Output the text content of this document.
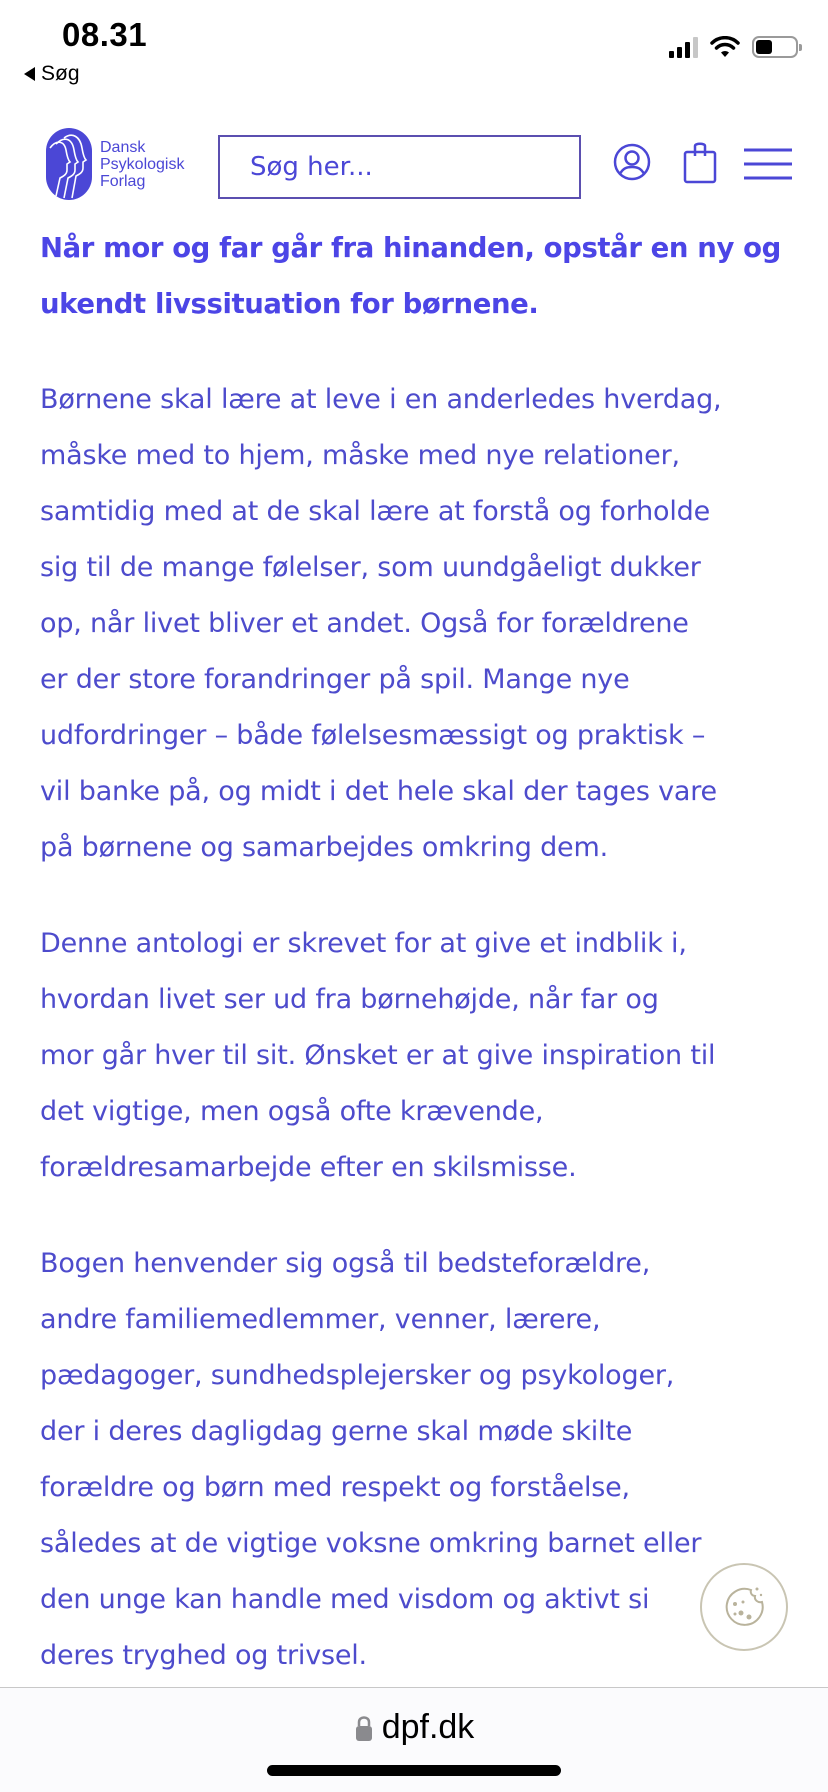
08.31
Søg
Dansk
Psykologisk
Forlag
Søg her...
Når mor og far går fra hinanden, opstår en ny og
ukendt livssituation for børnene.
Børnene skal lære at leve i en anderledes hverdag,
måske med to hjem, måske med nye relationer,
samtidig med at de skal lære at forstå og forholde
sig til de mange følelser, som uundgåeligt dukker
op, når livet bliver et andet. Også for forældrene
er der store forandringer på spil. Mange nye
udfordringer – både følelsesmæssigt og praktisk –
vil banke på, og midt i det hele skal der tages vare
på børnene og samarbejdes omkring dem.
Denne antologi er skrevet for at give et indblik i,
hvordan livet ser ud fra børnehøjde, når far og
mor går hver til sit. Ønsket er at give inspiration til
det vigtige, men også ofte krævende,
forældresamarbejde efter en skilsmisse.
Bogen henvender sig også til bedsteforældre,
andre familiemedlemmer, venner, lærere,
pædagoger, sundhedsplejersker og psykologer,
der i deres dagligdag gerne skal møde skilte
forældre og børn med respekt og forståelse,
således at de vigtige voksne omkring barnet eller
den unge kan handle med visdom og aktivt si
deres tryghed og trivsel.
dpf.dk
